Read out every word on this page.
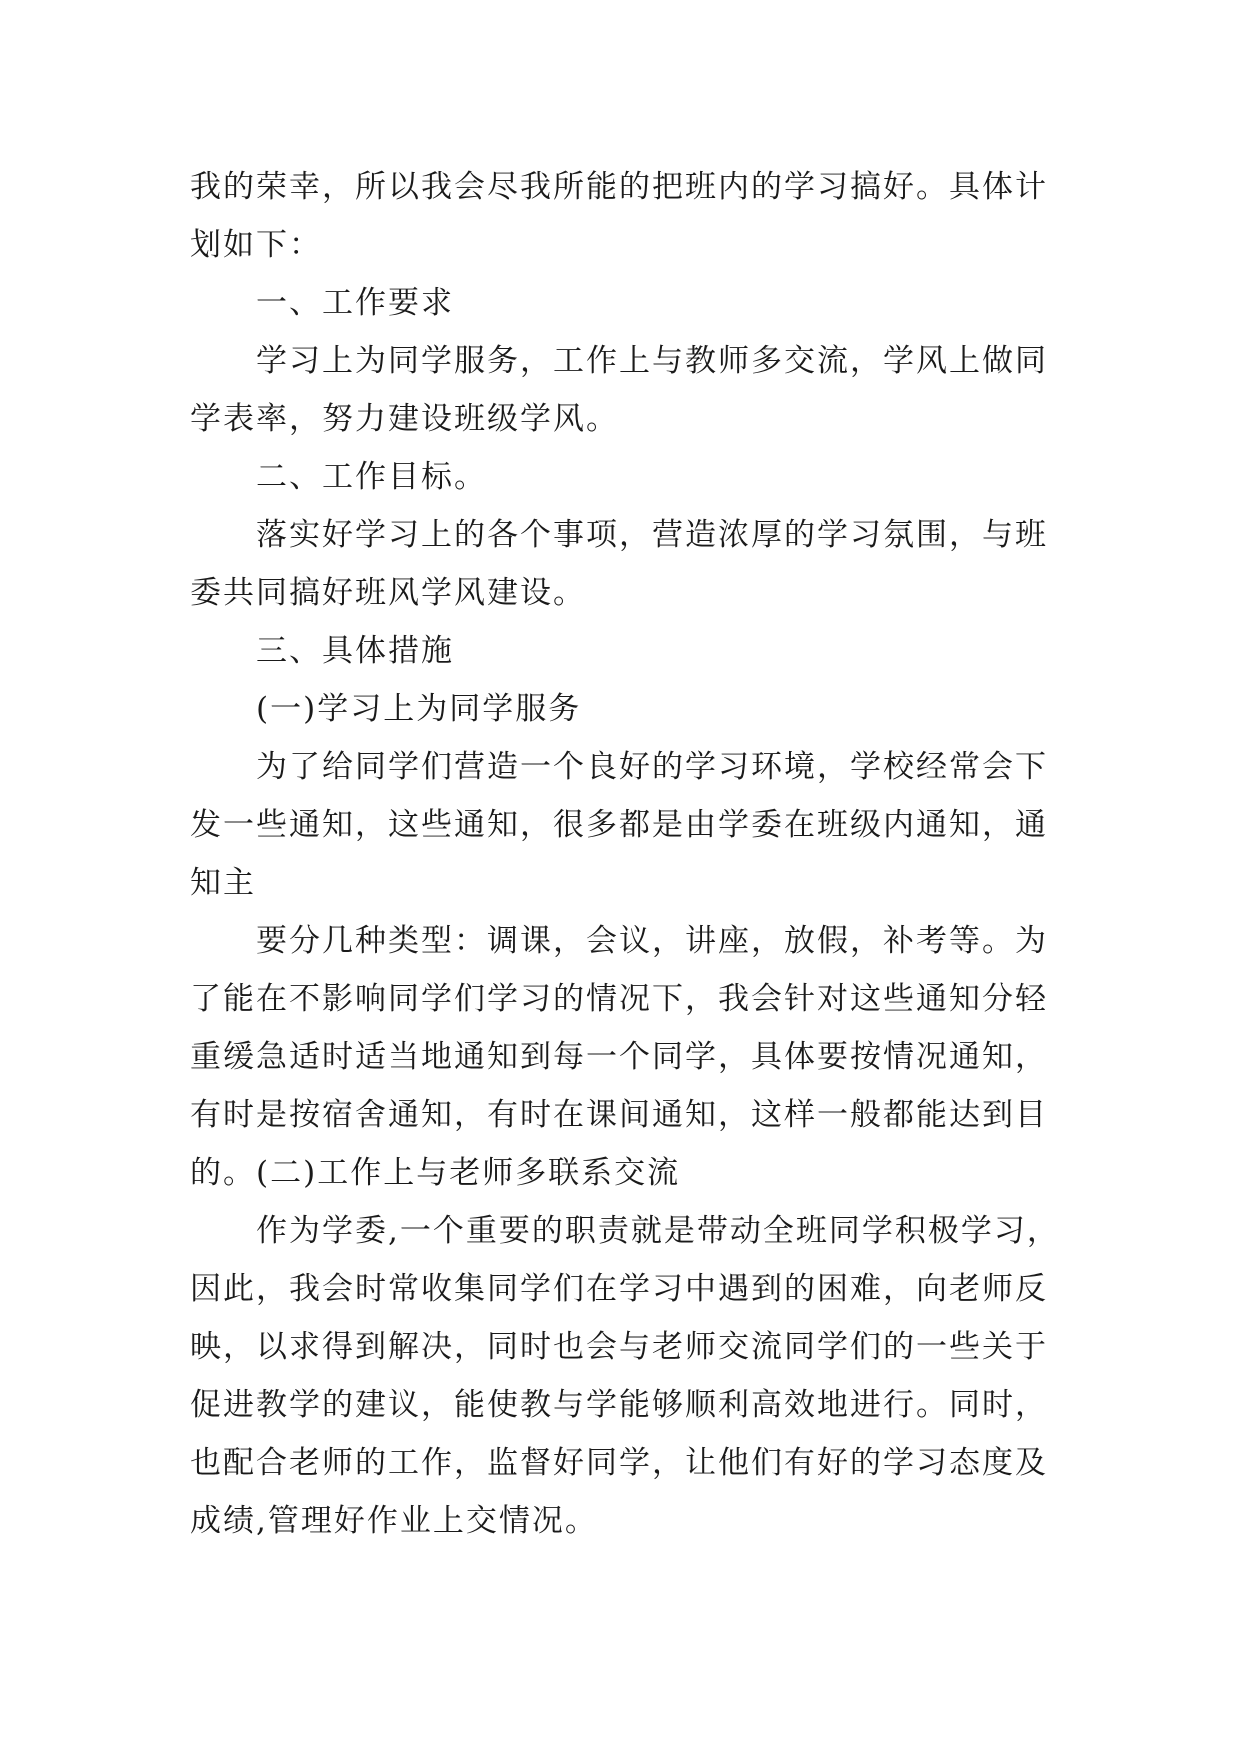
我的荣幸，所以我会尽我所能的把班内的学习搞好。具体计
划如下：
一、工作要求
学习上为同学服务，工作上与教师多交流，学风上做同
学表率，努力建设班级学风。
二、工作目标。
落实好学习上的各个事项，营造浓厚的学习氛围，与班
委共同搞好班风学风建设。
三、具体措施
(一)学习上为同学服务
为了给同学们营造一个良好的学习环境，学校经常会下
发一些通知，这些通知，很多都是由学委在班级内通知，通
知主
要分几种类型：调课，会议，讲座，放假，补考等。为
了能在不影响同学们学习的情况下，我会针对这些通知分轻
重缓急适时适当地通知到每一个同学，具体要按情况通知，
有时是按宿舍通知，有时在课间通知，这样一般都能达到目
的。(二)工作上与老师多联系交流
作为学委,一个重要的职责就是带动全班同学积极学习，
因此，我会时常收集同学们在学习中遇到的困难，向老师反
映，以求得到解决，同时也会与老师交流同学们的一些关于
促进教学的建议，能使教与学能够顺利高效地进行。同时，
也配合老师的工作，监督好同学，让他们有好的学习态度及
成绩,管理好作业上交情况。
